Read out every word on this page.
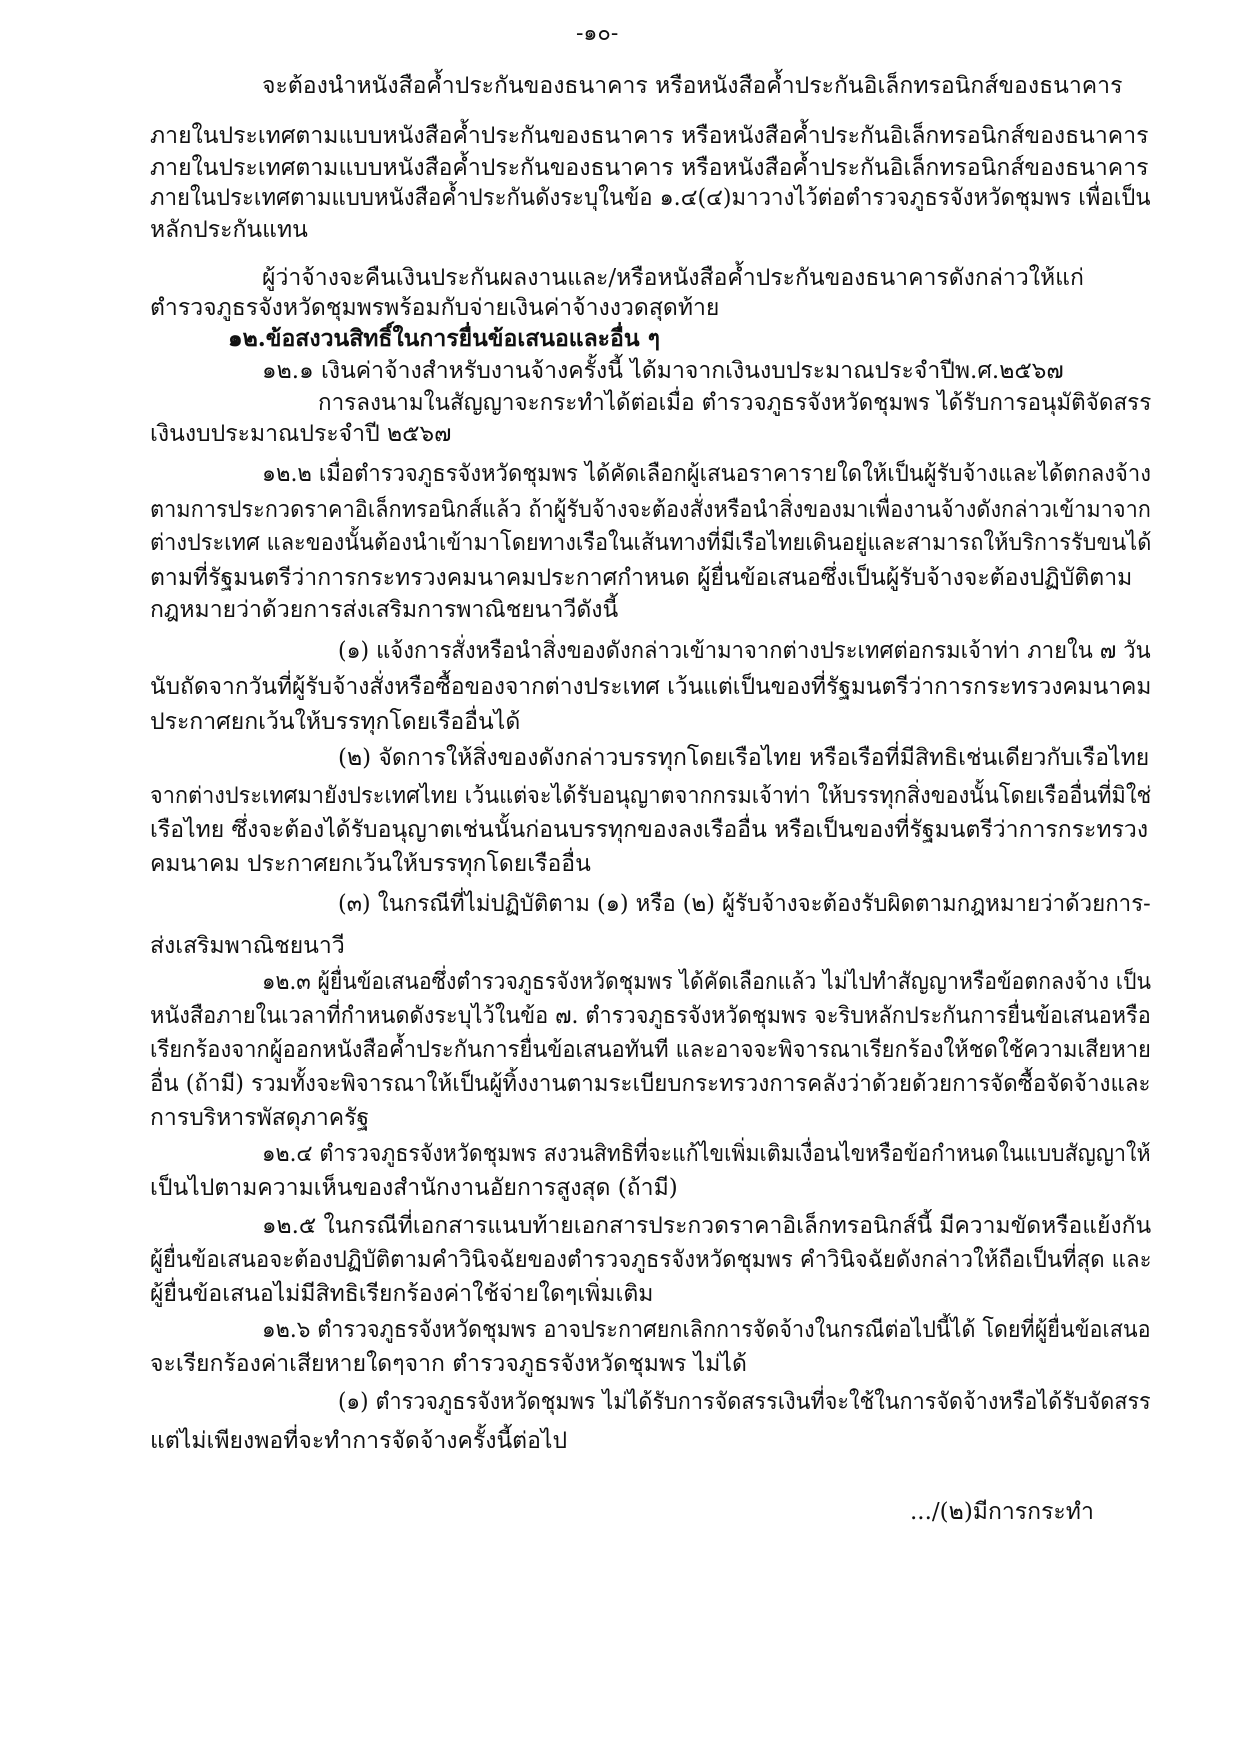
-๑๐-
จะต้องนำหนังสือค้ำประกันของธนาคาร หรือหนังสือค้ำประกันอิเล็กทรอนิกส์ของธนาคาร
ภายในประเทศตามแบบหนังสือค้ำประกันของธนาคาร หรือหนังสือค้ำประกันอิเล็กทรอนิกส์ของธนาคาร
ภายในประเทศตามแบบหนังสือค้ำประกันของธนาคาร หรือหนังสือค้ำประกันอิเล็กทรอนิกส์ของธนาคาร
ภายในประเทศตามแบบหนังสือค้ำประกันดังระบุในข้อ ๑.๔(๔)มาวางไว้ต่อตำรวจภูธรจังหวัดชุมพร เพื่อเป็น
หลักประกันแทน
ผู้ว่าจ้างจะคืนเงินประกันผลงานและ/หรือหนังสือค้ำประกันของธนาคารดังกล่าวให้แก่
ตำรวจภูธรจังหวัดชุมพรพร้อมกับจ่ายเงินค่าจ้างงวดสุดท้าย
๑๒.ข้อสงวนสิทธิ์ในการยื่นข้อเสนอและอื่น ๆ
๑๒.๑ เงินค่าจ้างสำหรับงานจ้างครั้งนี้ ได้มาจากเงินงบประมาณประจำปีพ.ศ.๒๕๖๗
การลงนามในสัญญาจะกระทำได้ต่อเมื่อ ตำรวจภูธรจังหวัดชุมพร ได้รับการอนุมัติจัดสรร
เงินงบประมาณประจำปี ๒๕๖๗
๑๒.๒ เมื่อตำรวจภูธรจังหวัดชุมพร ได้คัดเลือกผู้เสนอราคารายใดให้เป็นผู้รับจ้างและได้ตกลงจ้าง
ตามการประกวดราคาอิเล็กทรอนิกส์แล้ว ถ้าผู้รับจ้างจะต้องสั่งหรือนำสิ่งของมาเพื่องานจ้างดังกล่าวเข้ามาจาก
ต่างประเทศ และของนั้นต้องนำเข้ามาโดยทางเรือในเส้นทางที่มีเรือไทยเดินอยู่และสามารถให้บริการรับขนได้
ตามที่รัฐมนตรีว่าการกระทรวงคมนาคมประกาศกำหนด ผู้ยื่นข้อเสนอซึ่งเป็นผู้รับจ้างจะต้องปฏิบัติตาม
กฎหมายว่าด้วยการส่งเสริมการพาณิชยนาวีดังนี้
(๑) แจ้งการสั่งหรือนำสิ่งของดังกล่าวเข้ามาจากต่างประเทศต่อกรมเจ้าท่า ภายใน ๗ วัน
นับถัดจากวันที่ผู้รับจ้างสั่งหรือซื้อของจากต่างประเทศ เว้นแต่เป็นของที่รัฐมนตรีว่าการกระทรวงคมนาคม
ประกาศยกเว้นให้บรรทุกโดยเรืออื่นได้
(๒) จัดการให้สิ่งของดังกล่าวบรรทุกโดยเรือไทย หรือเรือที่มีสิทธิเช่นเดียวกับเรือไทย
จากต่างประเทศมายังประเทศไทย เว้นแต่จะได้รับอนุญาตจากกรมเจ้าท่า ให้บรรทุกสิ่งของนั้นโดยเรืออื่นที่มิใช่
เรือไทย ซึ่งจะต้องได้รับอนุญาตเช่นนั้นก่อนบรรทุกของลงเรืออื่น หรือเป็นของที่รัฐมนตรีว่าการกระทรวง
คมนาคม ประกาศยกเว้นให้บรรทุกโดยเรืออื่น
(๓) ในกรณีที่ไม่ปฏิบัติตาม (๑) หรือ (๒) ผู้รับจ้างจะต้องรับผิดตามกฎหมายว่าด้วยการ-
ส่งเสริมพาณิชยนาวี
๑๒.๓ ผู้ยื่นข้อเสนอซึ่งตำรวจภูธรจังหวัดชุมพร ได้คัดเลือกแล้ว ไม่ไปทำสัญญาหรือข้อตกลงจ้าง เป็น
หนังสือภายในเวลาที่กำหนดดังระบุไว้ในข้อ ๗. ตำรวจภูธรจังหวัดชุมพร จะริบหลักประกันการยื่นข้อเสนอหรือ
เรียกร้องจากผู้ออกหนังสือค้ำประกันการยื่นข้อเสนอทันที และอาจจะพิจารณาเรียกร้องให้ชดใช้ความเสียหาย
อื่น (ถ้ามี) รวมทั้งจะพิจารณาให้เป็นผู้ทิ้งงานตามระเบียบกระทรวงการคลังว่าด้วยด้วยการจัดซื้อจัดจ้างและ
การบริหารพัสดุภาครัฐ
๑๒.๔ ตำรวจภูธรจังหวัดชุมพร สงวนสิทธิที่จะแก้ไขเพิ่มเติมเงื่อนไขหรือข้อกำหนดในแบบสัญญาให้
เป็นไปตามความเห็นของสำนักงานอัยการสูงสุด (ถ้ามี)
๑๒.๕ ในกรณีที่เอกสารแนบท้ายเอกสารประกวดราคาอิเล็กทรอนิกส์นี้ มีความขัดหรือแย้งกัน
ผู้ยื่นข้อเสนอจะต้องปฏิบัติตามคำวินิจฉัยของตำรวจภูธรจังหวัดชุมพร คำวินิจฉัยดังกล่าวให้ถือเป็นที่สุด และ
ผู้ยื่นข้อเสนอไม่มีสิทธิเรียกร้องค่าใช้จ่ายใดๆเพิ่มเติม
๑๒.๖ ตำรวจภูธรจังหวัดชุมพร อาจประกาศยกเลิกการจัดจ้างในกรณีต่อไปนี้ได้ โดยที่ผู้ยื่นข้อเสนอ
จะเรียกร้องค่าเสียหายใดๆจาก ตำรวจภูธรจังหวัดชุมพร ไม่ได้
(๑) ตำรวจภูธรจังหวัดชุมพร ไม่ได้รับการจัดสรรเงินที่จะใช้ในการจัดจ้างหรือได้รับจัดสรร
แต่ไม่เพียงพอที่จะทำการจัดจ้างครั้งนี้ต่อไป
.../(๒)มีการกระทำ
